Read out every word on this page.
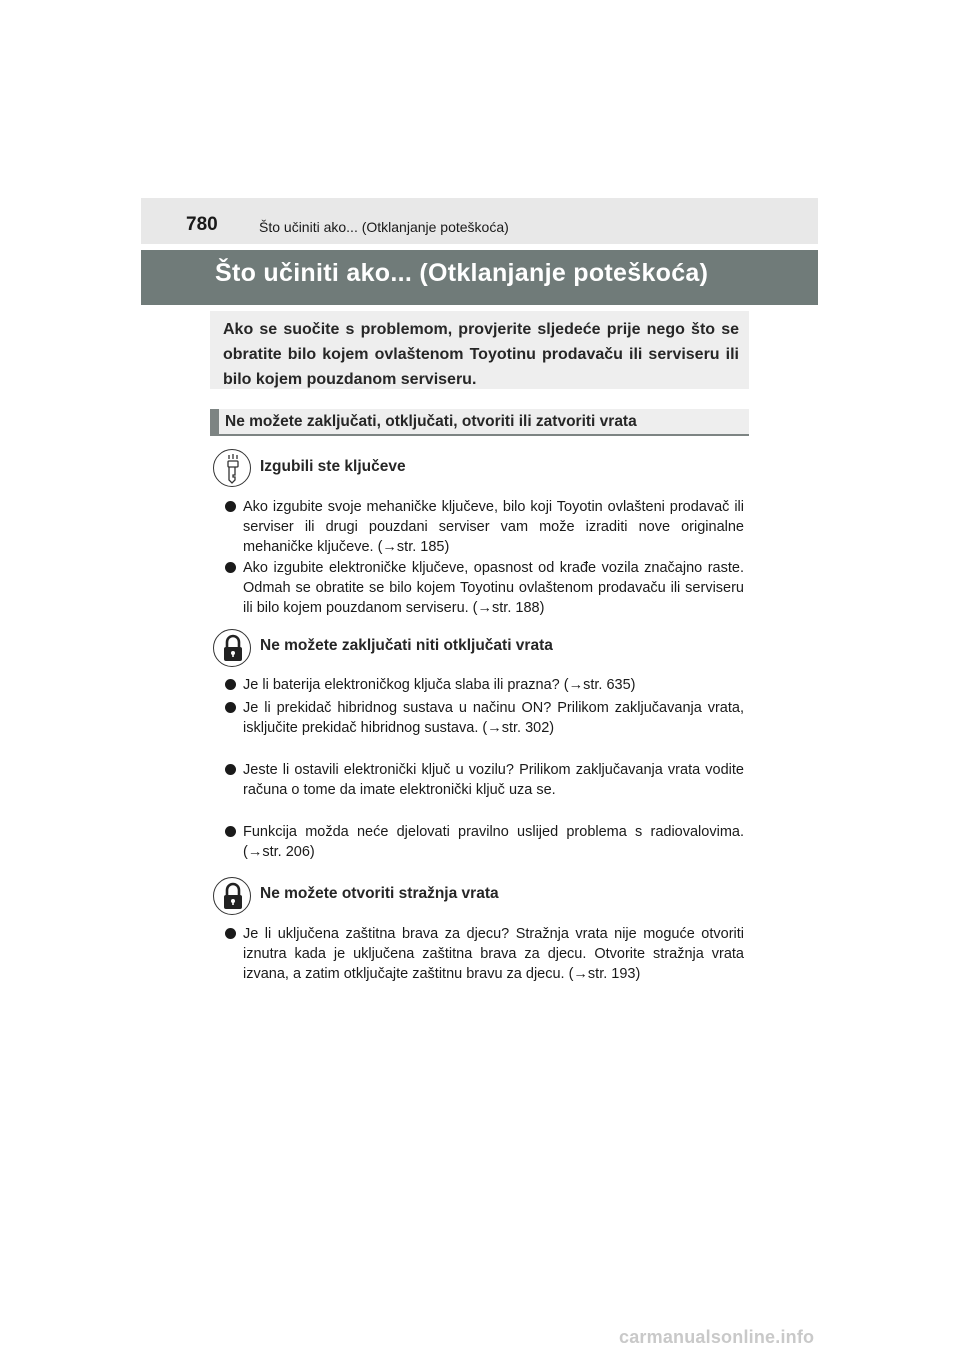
780	Što učiniti ako... (Otklanjanje poteškoća)
Što učiniti ako... (Otklanjanje poteškoća)

Ako se suočite s problemom, provjerite sljedeće prije nego što se obratite bilo kojem ovlaštenom Toyotinu prodavaču ili serviseru ili bilo kojem pouzdanom serviseru.

Ne možete zaključati, otključati, otvoriti ili zatvoriti vrata
Izgubili ste ključeve
Ako izgubite svoje mehaničke ključeve, bilo koji Toyotin ovlašteni prodavač ili serviser ili drugi pouzdani serviser vam može izraditi nove originalne mehaničke ključeve. (→str. 185)
Ako izgubite elektroničke ključeve, opasnost od krađe vozila značajno raste. Odmah se obratite se bilo kojem Toyotinu ovlaštenom prodavaču ili serviseru ili bilo kojem pouzdanom serviseru. (→str. 188)
Ne možete zaključati niti otključati vrata
Je li baterija elektroničkog ključa slaba ili prazna? (→str. 635)
Je li prekidač hibridnog sustava u načinu ON? Prilikom zaključavanja vrata, isključite prekidač hibridnog sustava. (→str. 302)
Jeste li ostavili elektronički ključ u vozilu? Prilikom zaključavanja vrata vodite računa o tome da imate elektronički ključ uza se.
Funkcija možda neće djelovati pravilno uslijed problema s radiovalovima. (→str. 206)
Ne možete otvoriti stražnja vrata
Je li uključena zaštitna brava za djecu? Stražnja vrata nije moguće otvoriti iznutra kada je uključena zaštitna brava za djecu. Otvorite stražnja vrata izvana, a zatim otključajte zaštitnu bravu za djecu. (→str. 193)
carmanualsonline.info
